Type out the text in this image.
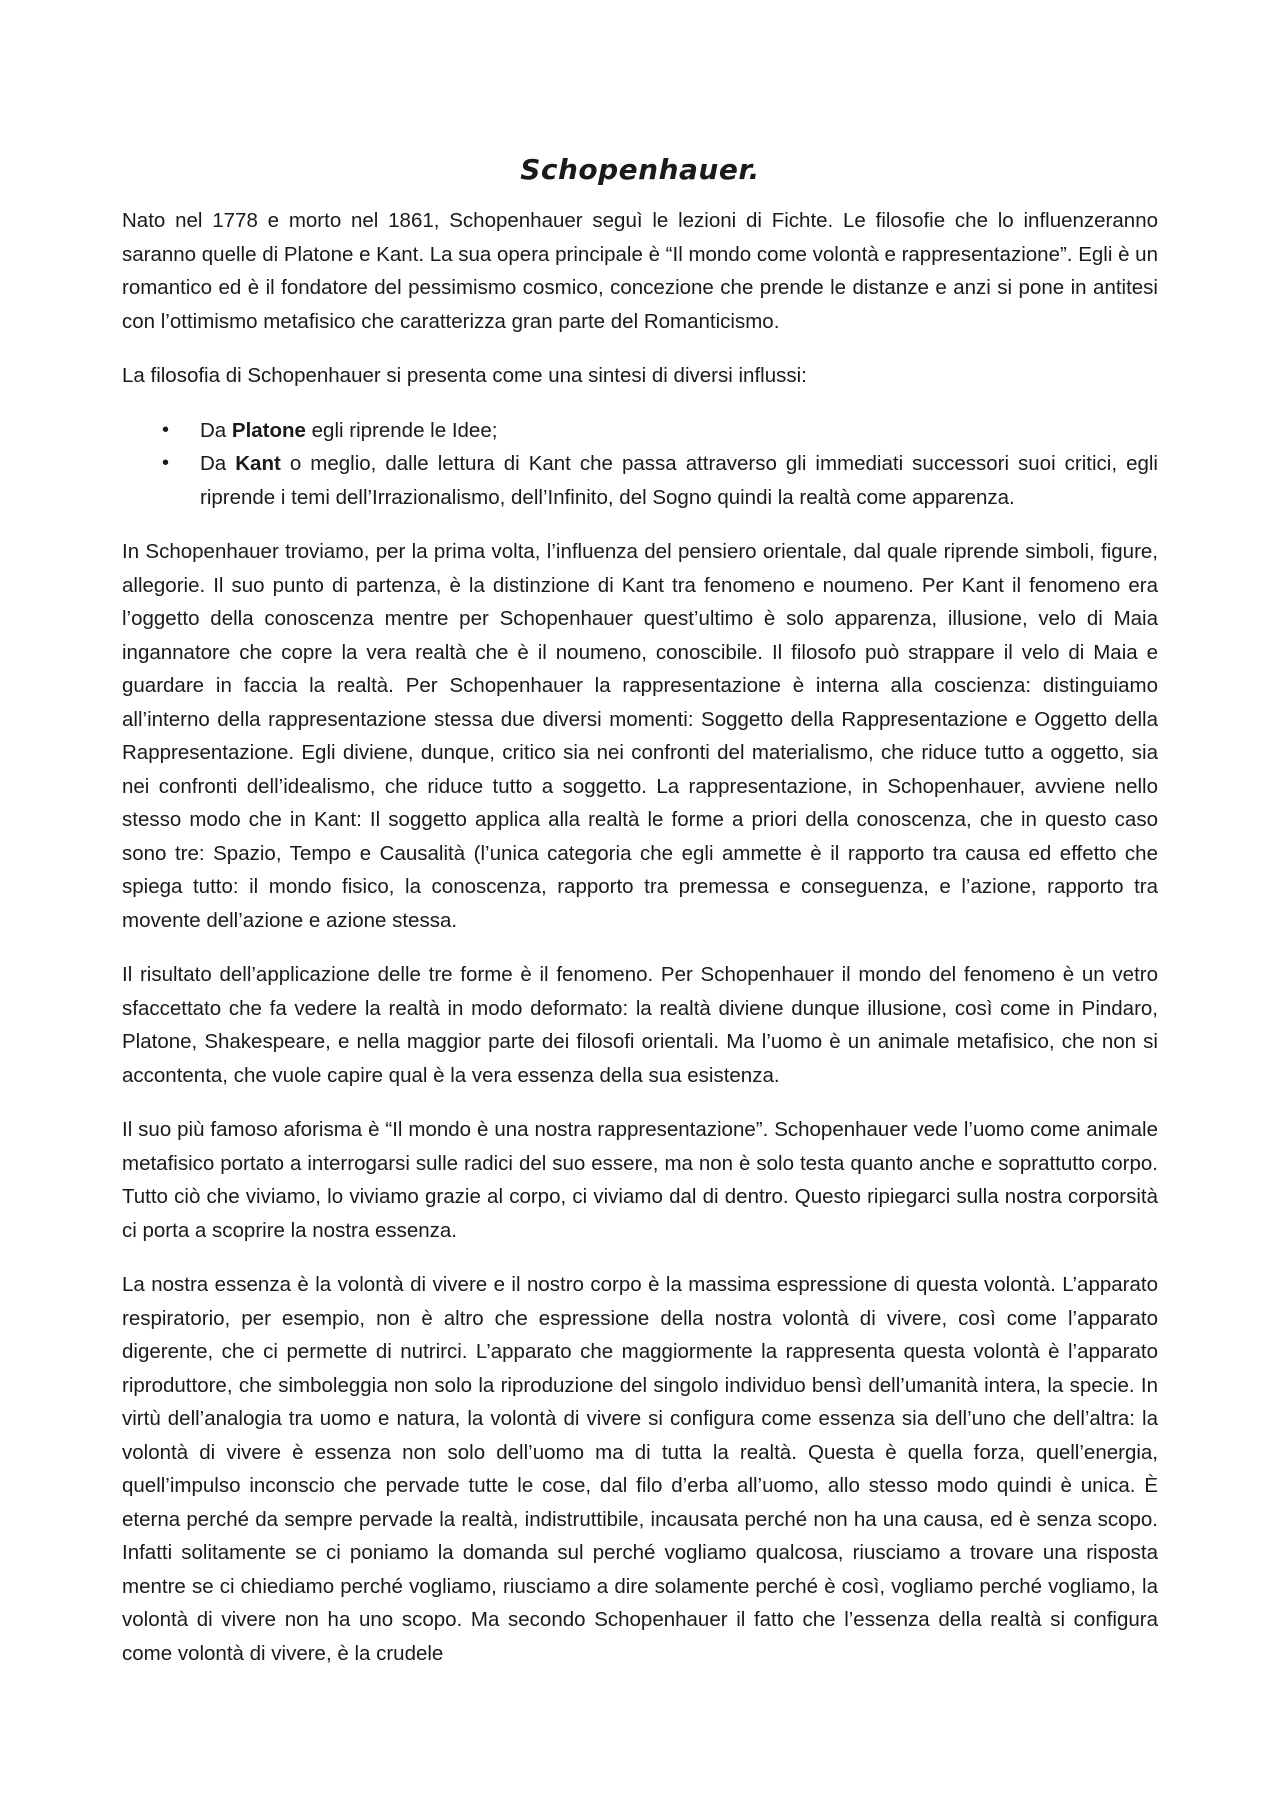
Schopenhauer.

Nato nel 1778 e morto nel 1861, Schopenhauer seguì le lezioni di Fichte. Le filosofie che lo influenzeranno saranno quelle di Platone e Kant. La sua opera principale è “Il mondo come volontà e rappresentazione”. Egli è un romantico ed è il fondatore del pessimismo cosmico, concezione che prende le distanze e anzi si pone in antitesi con l’ottimismo metafisico che caratterizza gran parte del Romanticismo.

La filosofia di Schopenhauer si presenta come una sintesi di diversi influssi:

• Da Platone egli riprende le Idee;
• Da Kant o meglio, dalle lettura di Kant che passa attraverso gli immediati successori suoi critici, egli riprende i temi dell’Irrazionalismo, dell’Infinito, del Sogno quindi la realtà come apparenza.

In Schopenhauer troviamo, per la prima volta, l’influenza del pensiero orientale, dal quale riprende simboli, figure, allegorie. Il suo punto di partenza, è la distinzione di Kant tra fenomeno e noumeno. Per Kant il fenomeno era l’oggetto della conoscenza mentre per Schopenhauer quest’ultimo è solo apparenza, illusione, velo di Maia ingannatore che copre la vera realtà che è il noumeno, conoscibile. Il filosofo può strappare il velo di Maia e guardare in faccia la realtà. Per Schopenhauer la rappresentazione è interna alla coscienza: distinguiamo all’interno della rappresentazione stessa due diversi momenti: Soggetto della Rappresentazione e Oggetto della Rappresentazione. Egli diviene, dunque, critico sia nei confronti del materialismo, che riduce tutto a oggetto, sia nei confronti dell’idealismo, che riduce tutto a soggetto. La rappresentazione, in Schopenhauer, avviene nello stesso modo che in Kant: Il soggetto applica alla realtà le forme a priori della conoscenza, che in questo caso sono tre: Spazio, Tempo e Causalità (l’unica categoria che egli ammette è il rapporto tra causa ed effetto che spiega tutto: il mondo fisico, la conoscenza, rapporto tra premessa e conseguenza, e l’azione, rapporto tra movente dell’azione e azione stessa.

Il risultato dell’applicazione delle tre forme è il fenomeno. Per Schopenhauer il mondo del fenomeno è un vetro sfaccettato che fa vedere la realtà in modo deformato: la realtà diviene dunque illusione, così come in Pindaro, Platone, Shakespeare, e nella maggior parte dei filosofi orientali. Ma l’uomo è un animale metafisico, che non si accontenta, che vuole capire qual è la vera essenza della sua esistenza.

Il suo più famoso aforisma è “Il mondo è una nostra rappresentazione”. Schopenhauer vede l’uomo come animale metafisico portato a interrogarsi sulle radici del suo essere, ma non è solo testa quanto anche e soprattutto corpo. Tutto ciò che viviamo, lo viviamo grazie al corpo, ci viviamo dal di dentro. Questo ripiegarci sulla nostra corporsità ci porta a scoprire la nostra essenza.

La nostra essenza è la volontà di vivere e il nostro corpo è la massima espressione di questa volontà. L’apparato respiratorio, per esempio, non è altro che espressione della nostra volontà di vivere, così come l’apparato digerente, che ci permette di nutrirci. L’apparato che maggiormente la rappresenta questa volontà è l’apparato riproduttore, che simboleggia non solo la riproduzione del singolo individuo bensì dell’umanità intera, la specie. In virtù dell’analogia tra uomo e natura, la volontà di vivere si configura come essenza sia dell’uno che dell’altra: la volontà di vivere è essenza non solo dell’uomo ma di tutta la realtà. Questa è quella forza, quell’energia, quell’impulso inconscio che pervade tutte le cose, dal filo d’erba all’uomo, allo stesso modo quindi è unica. È eterna perché da sempre pervade la realtà, indistruttibile, incausata perché non ha una causa, ed è senza scopo. Infatti solitamente se ci poniamo la domanda sul perché vogliamo qualcosa, riusciamo a trovare una risposta mentre se ci chiediamo perché vogliamo, riusciamo a dire solamente perché è così, vogliamo perché vogliamo, la volontà di vivere non ha uno scopo. Ma secondo Schopenhauer il fatto che l’essenza della realtà si configura come volontà di vivere, è la crudele
